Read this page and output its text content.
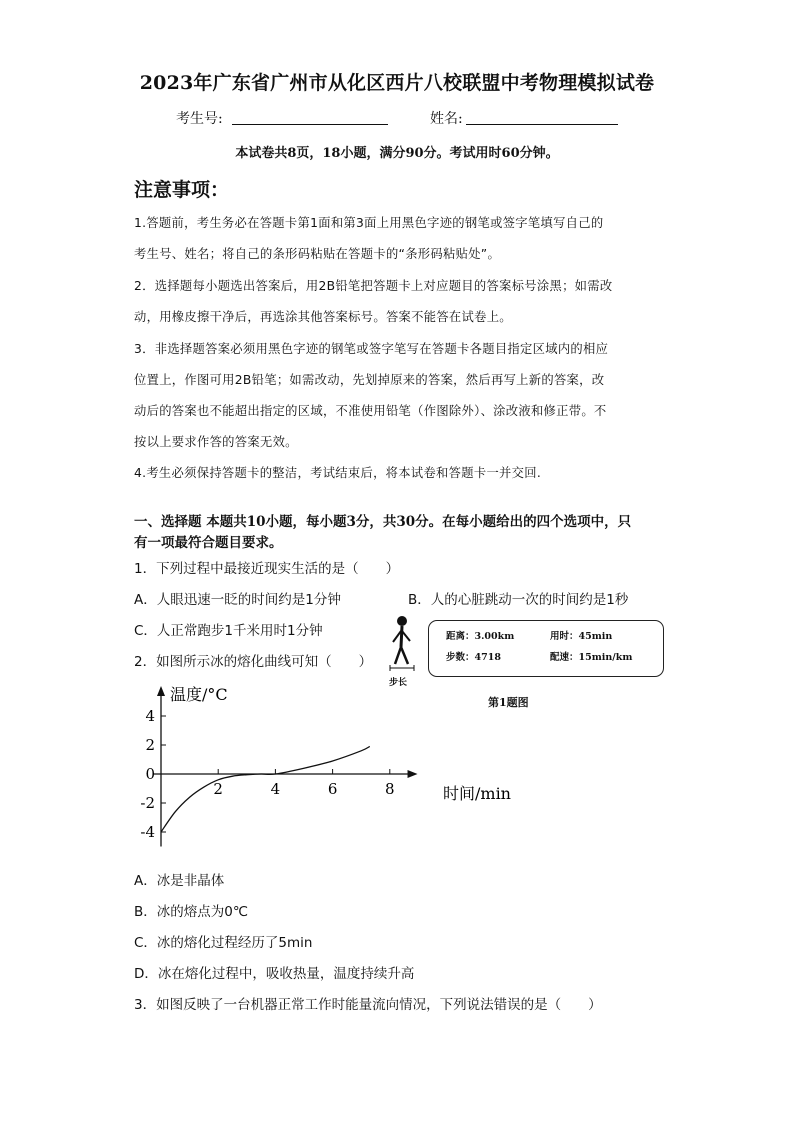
2023年广东省广州市从化区西片八校联盟中考物理模拟试卷
考生号:	姓名:
本试卷共8页，18小题，满分90分。考试用时60分钟。
注意事项：
1.答题前，考生务必在答题卡第1面和第3面上用黑色字迹的钢笔或签字笔填写自己的
考生号、姓名；将自己的条形码粘贴在答题卡的“条形码粘贴处”。
2．选择题每小题选出答案后，用2B铅笔把答题卡上对应题目的答案标号涂黑；如需改
动，用橡皮擦干净后，再选涂其他答案标号。答案不能答在试卷上。
3．非选择题答案必须用黑色字迹的钢笔或签字笔写在答题卡各题目指定区域内的相应
位置上，作图可用2B铅笔；如需改动，先划掉原来的答案，然后再写上新的答案，改
动后的答案也不能超出指定的区域，不准使用铅笔（作图除外）、涂改液和修正带。不
按以上要求作答的答案无效。
4.考生必须保持答题卡的整洁，考试结束后，将本试卷和答题卡一并交回.
一、选择题 本题共10小题，每小题3分，共30分。在每小题给出的四个选项中，只
有一项最符合题目要求。
1．下列过程中最接近现实生活的是（　　）
A．人眼迅速一眨的时间约是1分钟	B．人的心脏跳动一次的时间约是1秒
C．人正常跑步1千米用时1分钟
步长
距离：3.00km	用时：45min
步数：4718	配速：15min/km
第1题图
2．如图所示冰的熔化曲线可知（　　）
2	4	6	8
4
2
0
-2
-4
温度/°C
时间/min
A．冰是非晶体
B．冰的熔点为0℃
C．冰的熔化过程经历了5min
D．冰在熔化过程中，吸收热量，温度持续升高
3．如图反映了一台机器正常工作时能量流向情况，下列说法错误的是（　　）
